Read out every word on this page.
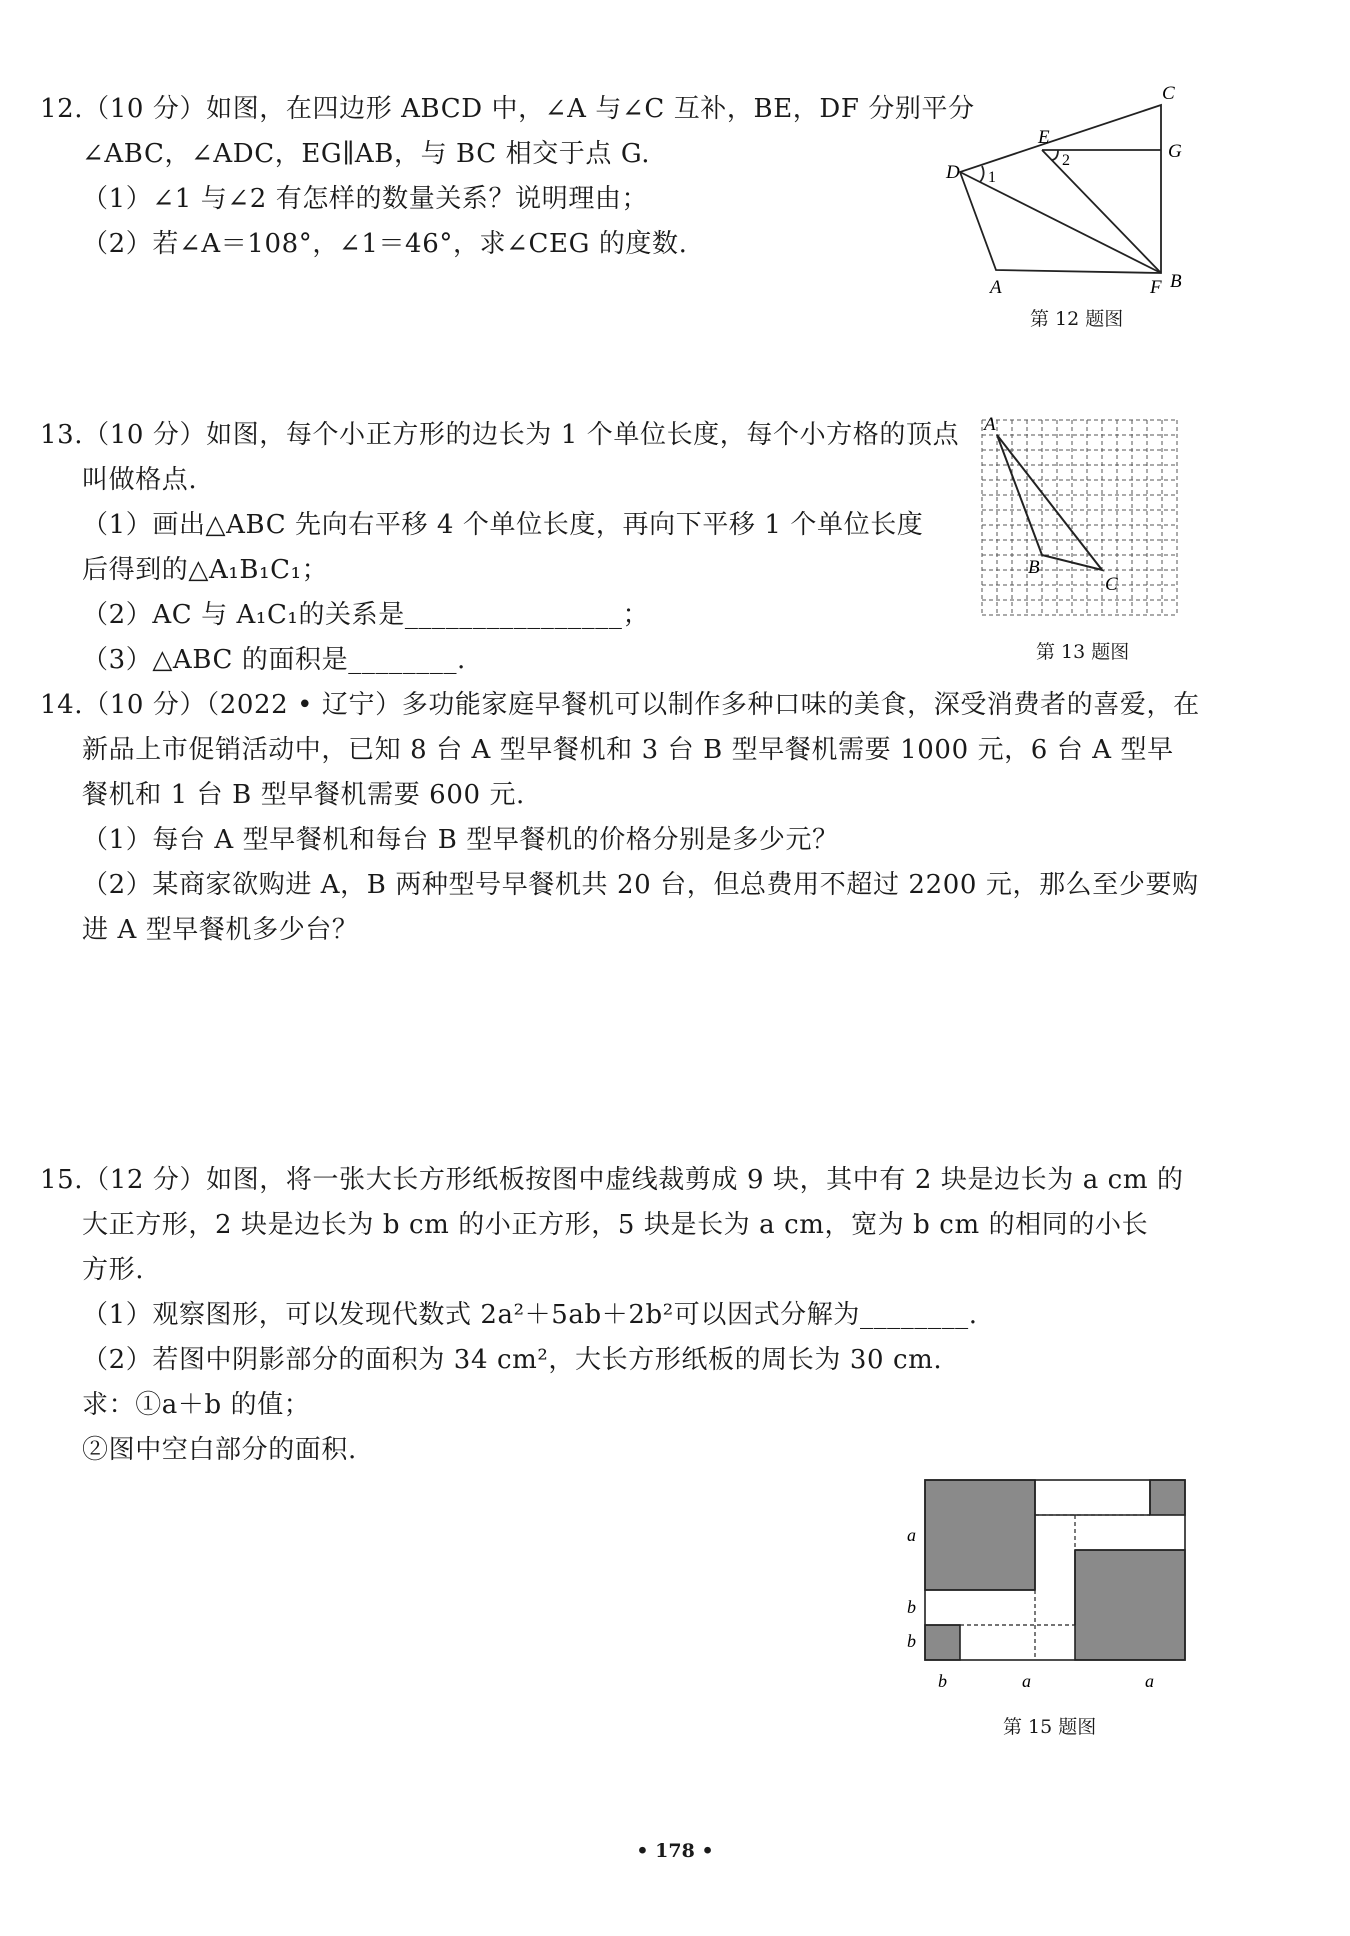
12.（10 分）如图，在四边形 ABCD 中，∠A 与∠C 互补，BE，DF 分别平分
∠ABC，∠ADC，EG∥AB，与 BC 相交于点 G.
（1）∠1 与∠2 有怎样的数量关系？说明理由；
（2）若∠A＝108°，∠1＝46°，求∠CEG 的度数.
C
E
G
D 1
2
A	F B
第 12 题图
13.（10 分）如图，每个小正方形的边长为 1 个单位长度，每个小方格的顶点
叫做格点.
（1）画出△ABC 先向右平移 4 个单位长度，再向下平移 1 个单位长度
后得到的△A₁B₁C₁；
（2）AC 与 A₁C₁的关系是________________；
（3）△ABC 的面积是________.
A
B
C
第 13 题图
14.（10 分）（2022 • 辽宁）多功能家庭早餐机可以制作多种口味的美食，深受消费者的喜爱，在
新品上市促销活动中，已知 8 台 A 型早餐机和 3 台 B 型早餐机需要 1000 元，6 台 A 型早
餐机和 1 台 B 型早餐机需要 600 元.
（1）每台 A 型早餐机和每台 B 型早餐机的价格分别是多少元？
（2）某商家欲购进 A，B 两种型号早餐机共 20 台，但总费用不超过 2200 元，那么至少要购
进 A 型早餐机多少台？
15.（12 分）如图，将一张大长方形纸板按图中虚线裁剪成 9 块，其中有 2 块是边长为 a cm 的
大正方形，2 块是边长为 b cm 的小正方形，5 块是长为 a cm，宽为 b cm 的相同的小长
方形.
（1）观察图形，可以发现代数式 2a²＋5ab＋2b²可以因式分解为________.
（2）若图中阴影部分的面积为 34 cm²，大长方形纸板的周长为 30 cm.
求：①a＋b 的值；
②图中空白部分的面积.
a
b
b
b	a	a
第 15 题图
• 178 •
